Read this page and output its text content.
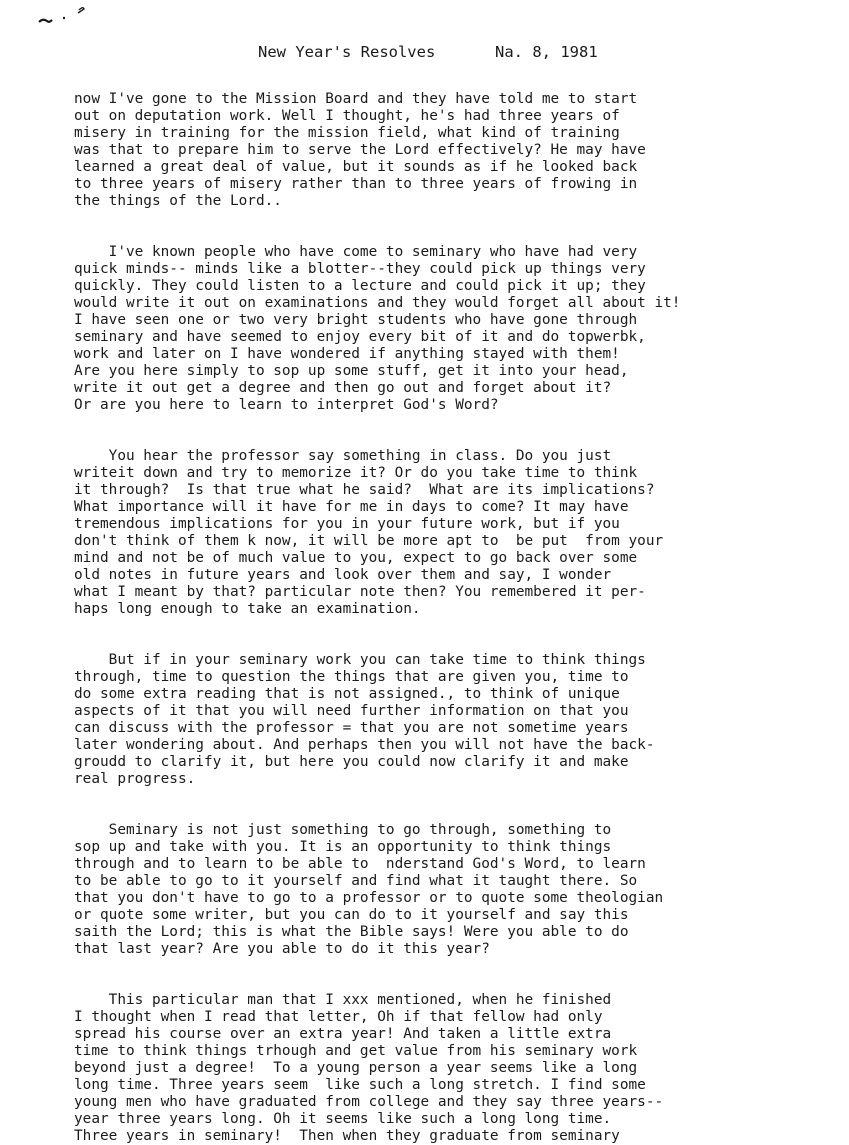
New Year's Resolves	Na. 8, 1981
now I've gone to the Mission Board and they have told me to start
out on deputation work. Well I thought, he's had three years of
misery in training for the mission field, what kind of training
was that to prepare him to serve the Lord effectively? He may have
learned a great deal of value, but it sounds as if he looked back
to three years of misery rather than to three years of frowing in
the things of the Lord..
I've known people who have come to seminary who have had very
quick minds-- minds like a blotter--they could pick up things very
quickly. They could listen to a lecture and could pick it up; they
would write it out on examinations and they would forget all about it!
I have seen one or two very bright students who have gone through
seminary and have seemed to enjoy every bit of it and do topwerbk,
work and later on I have wondered if anything stayed with them!
Are you here simply to sop up some stuff, get it into your head,
write it out get a degree and then go out and forget about it?
Or are you here to learn to interpret God's Word?
You hear the professor say something in class. Do you just
writeit down and try to memorize it? Or do you take time to think
it through?  Is that true what he said?  What are its implications?
What importance will it have for me in days to come? It may have
tremendous implications for you in your future work, but if you
don't think of them k now, it will be more apt to  be put  from your
mind and not be of much value to you, expect to go back over some
old notes in future years and look over them and say, I wonder
what I meant by that? particular note then? You remembered it per-
haps long enough to take an examination.
But if in your seminary work you can take time to think things
through, time to question the things that are given you, time to
do some extra reading that is not assigned., to think of unique
aspects of it that you will need further information on that you
can discuss with the professor = that you are not sometime years
later wondering about. And perhaps then you will not have the back-
groudd to clarify it, but here you could now clarify it and make
real progress.
Seminary is not just something to go through, something to
sop up and take with you. It is an opportunity to think things
through and to learn to be able to  nderstand God's Word, to learn
to be able to go to it yourself and find what it taught there. So
that you don't have to go to a professor or to quote some theologian
or quote some writer, but you can do to it yourself and say this
saith the Lord; this is what the Bible says! Were you able to do
that last year? Are you able to do it this year?
This particular man that I xxx mentioned, when he finished
I thought when I read that letter, Oh if that fellow had only
spread his course over an extra year! And taken a little extra
time to think things trhough and get value from his seminary work
beyond just a degree!  To a young person a year seems like a long
long time. Three years seem  like such a long stretch. I find some
young men who have graduated from college and they say three years--
year three years long. Oh it seems like such a long long time.
Three years in seminary!  Then when they graduate from seminary
